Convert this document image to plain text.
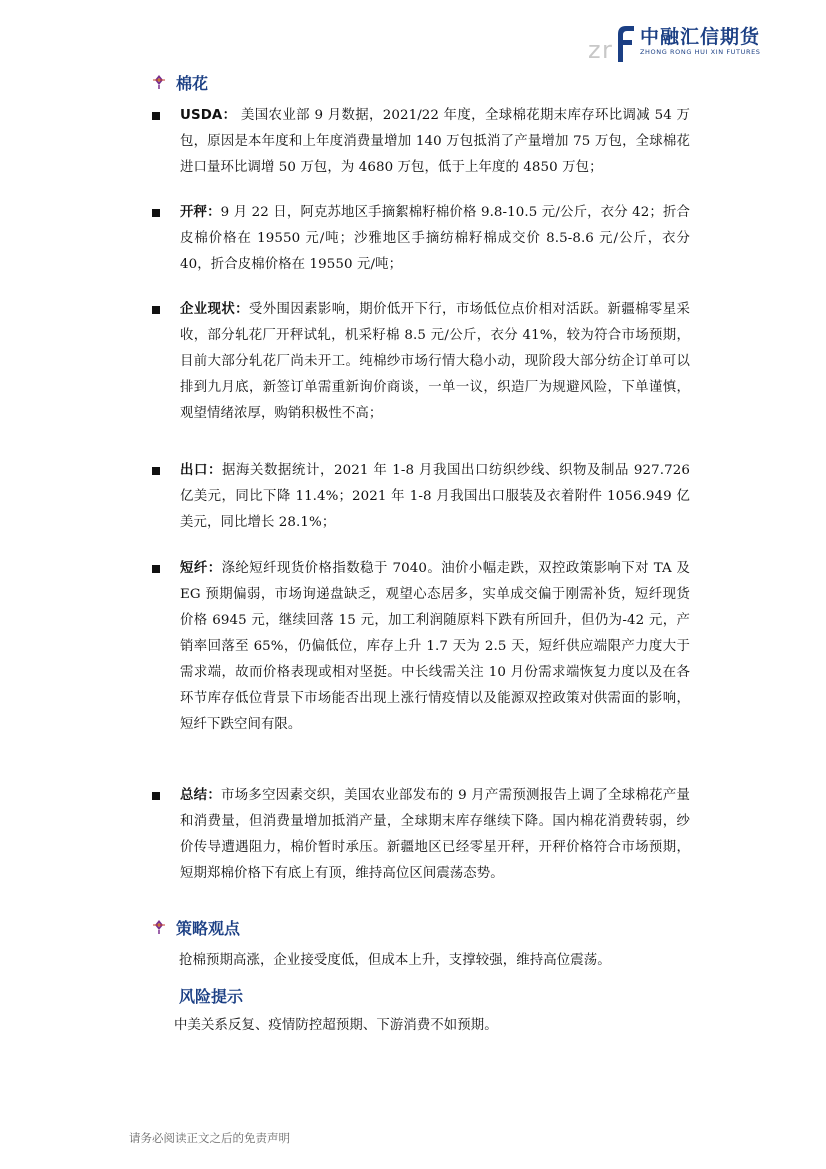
z r 中融汇信期货
ZHONG RONG HUI XIN FUTURES
棉花

USDA： 美国农业部 9 月数据，2021/22 年度，全球棉花期末库存环比调减 54 万包，原因是本年度和上年度消费量增加 140 万包抵消了产量增加 75 万包，全球棉花进口量环比调增 50 万包，为 4680 万包，低于上年度的 4850 万包；

开秤：9 月 22 日，阿克苏地区手摘絮棉籽棉价格 9.8-10.5 元/公斤，衣分 42；折合皮棉价格在 19550 元/吨；沙雅地区手摘纺棉籽棉成交价 8.5-8.6 元/公斤，衣分 40，折合皮棉价格在 19550 元/吨；

企业现状：受外围因素影响，期价低开下行，市场低位点价相对活跃。新疆棉零星采收，部分轧花厂开秤试轧，机采籽棉 8.5 元/公斤，衣分 41%，较为符合市场预期，目前大部分轧花厂尚未开工。纯棉纱市场行情大稳小动，现阶段大部分纺企订单可以排到九月底，新签订单需重新询价商谈，一单一议，织造厂为规避风险，下单谨慎，观望情绪浓厚，购销积极性不高；

出口：据海关数据统计，2021 年 1-8 月我国出口纺织纱线、织物及制品 927.726 亿美元，同比下降 11.4%；2021 年 1-8 月我国出口服装及衣着附件 1056.949 亿美元，同比增长 28.1%；

短纤：涤纶短纤现货价格指数稳于 7040。油价小幅走跌，双控政策影响下对 TA 及 EG 预期偏弱，市场询递盘缺乏，观望心态居多，实单成交偏于刚需补货，短纤现货价格 6945 元，继续回落 15 元，加工利润随原料下跌有所回升，但仍为-42 元，产销率回落至 65%，仍偏低位，库存上升 1.7 天为 2.5 天，短纤供应端限产力度大于需求端，故而价格表现或相对坚挺。中长线需关注 10 月份需求端恢复力度以及在各环节库存低位背景下市场能否出现上涨行情疫情以及能源双控政策对供需面的影响，短纤下跌空间有限。

总结：市场多空因素交织，美国农业部发布的 9 月产需预测报告上调了全球棉花产量和消费量，但消费量增加抵消产量，全球期末库存继续下降。国内棉花消费转弱，纱价传导遭遇阻力，棉价暂时承压。新疆地区已经零星开秤，开秤价格符合市场预期，短期郑棉价格下有底上有顶，维持高位区间震荡态势。

策略观点
抢棉预期高涨，企业接受度低，但成本上升，支撑较强，维持高位震荡。
风险提示
中美关系反复、疫情防控超预期、下游消费不如预期。
请务必阅读正文之后的免责声明
